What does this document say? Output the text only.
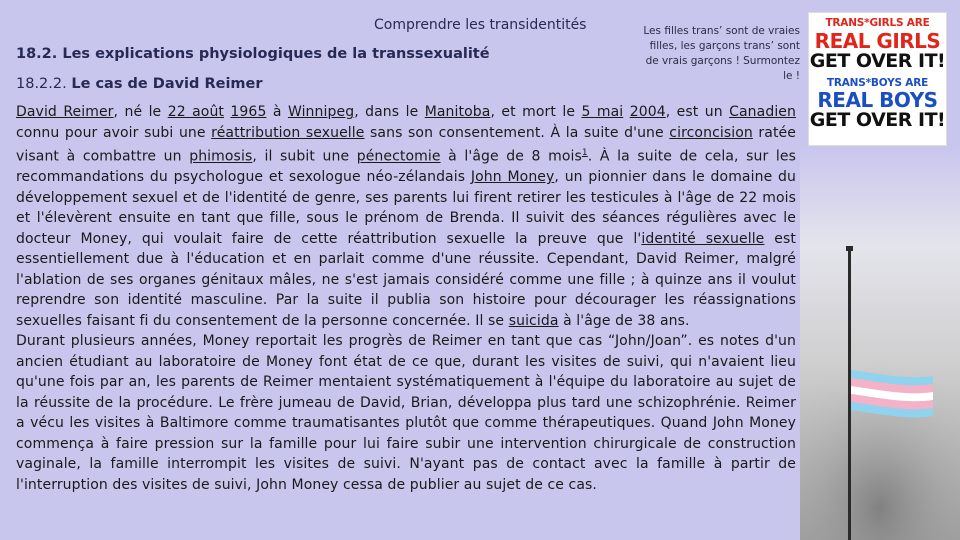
Comprendre les transidentités
18.2. Les explications physiologiques de la transsexualité
18.2.2. Le cas de David Reimer
Les filles trans’ sont de vraies filles, les garçons trans’ sont de vrais garçons ! Surmontez le !
TRANS*GIRLS ARE
REAL GIRLS
GET OVER IT!
TRANS*BOYS ARE
REAL BOYS
GET OVER IT!

David Reimer, né le 22 août 1965 à Winnipeg, dans le Manitoba, et mort le 5 mai 2004, est un Canadien connu pour avoir subi une réattribution sexuelle sans son consentement. À la suite d'une circoncision ratée visant à combattre un phimosis, il subit une pénectomie à l'âge de 8 mois$^1$. À la suite de cela, sur les recommandations du psychologue et sexologue néo-zélandais John Money, un pionnier dans le domaine du développement sexuel et de l'identité de genre, ses parents lui firent retirer les testicules à l'âge de 22 mois et l'élevèrent ensuite en tant que fille, sous le prénom de Brenda. Il suivit des séances régulières avec le docteur Money, qui voulait faire de cette réattribution sexuelle la preuve que l'identité sexuelle est essentiellement due à l'éducation et en parlait comme d'une réussite. Cependant, David Reimer, malgré l'ablation de ses organes génitaux mâles, ne s'est jamais considéré comme une fille ; à quinze ans il voulut reprendre son identité masculine. Par la suite il publia son histoire pour décourager les réassignations sexuelles faisant fi du consentement de la personne concernée. Il se suicida à l'âge de 38 ans.

Durant plusieurs années, Money reportait les progrès de Reimer en tant que cas “John/Joan”. es notes d'un ancien étudiant au laboratoire de Money font état de ce que, durant les visites de suivi, qui n'avaient lieu qu'une fois par an, les parents de Reimer mentaient systématiquement à l'équipe du laboratoire au sujet de la réussite de la procédure. Le frère jumeau de David, Brian, développa plus tard une schizophrénie. Reimer a vécu les visites à Baltimore comme traumatisantes plutôt que comme thérapeutiques. Quand John Money commença à faire pression sur la famille pour lui faire subir une intervention chirurgicale de construction vaginale, la famille interrompit les visites de suivi. N'ayant pas de contact avec la famille à partir de l'interruption des visites de suivi, John Money cessa de publier au sujet de ce cas.
